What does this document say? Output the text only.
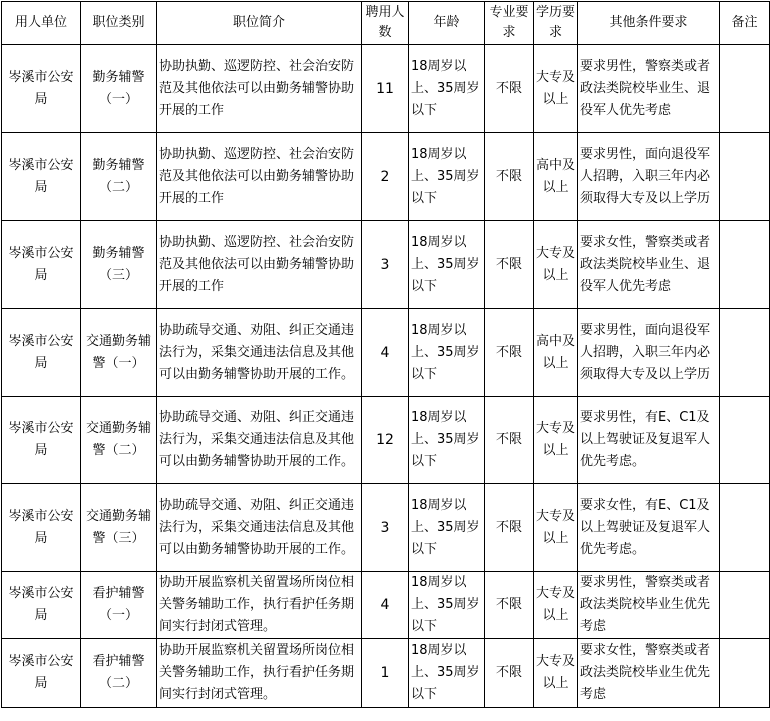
用人单位	职位类别	职位简介	聘用人数	年龄	专业要求	学历要求	其他条件要求	备注
岑溪市公安局	勤务辅警（一）	协助执勤、巡逻防控、社会治安防范及其他依法可以由勤务辅警协助开展的工作	11	18周岁以上、35周岁以下	不限	大专及以上	要求男性，警察类或者政法类院校毕业生、退役军人优先考虑	
岑溪市公安局	勤务辅警（二）	协助执勤、巡逻防控、社会治安防范及其他依法可以由勤务辅警协助开展的工作	2	18周岁以上、35周岁以下	不限	高中及以上	要求男性，面向退役军人招聘，入职三年内必须取得大专及以上学历	
岑溪市公安局	勤务辅警（三）	协助执勤、巡逻防控、社会治安防范及其他依法可以由勤务辅警协助开展的工作	3	18周岁以上、35周岁以下	不限	大专及以上	要求女性，警察类或者政法类院校毕业生、退役军人优先考虑	
岑溪市公安局	交通勤务辅警（一）	协助疏导交通、劝阻、纠正交通违法行为，采集交通违法信息及其他可以由勤务辅警协助开展的工作。	4	18周岁以上、35周岁以下	不限	高中及以上	要求男性，面向退役军人招聘，入职三年内必须取得大专及以上学历	
岑溪市公安局	交通勤务辅警（二）	协助疏导交通、劝阻、纠正交通违法行为，采集交通违法信息及其他可以由勤务辅警协助开展的工作。	12	18周岁以上、35周岁以下	不限	大专及以上	要求男性，有E、C1及以上驾驶证及复退军人优先考虑。	
岑溪市公安局	交通勤务辅警（三）	协助疏导交通、劝阻、纠正交通违法行为，采集交通违法信息及其他可以由勤务辅警协助开展的工作。	3	18周岁以上、35周岁以下	不限	大专及以上	要求女性，有E、C1及以上驾驶证及复退军人优先考虑。	
岑溪市公安局	看护辅警（一）	协助开展监察机关留置场所岗位相关警务辅助工作，执行看护任务期间实行封闭式管理。	4	18周岁以上、35周岁以下	不限	大专及以上	要求男性，警察类或者政法类院校毕业生优先考虑	
岑溪市公安局	看护辅警（二）	协助开展监察机关留置场所岗位相关警务辅助工作，执行看护任务期间实行封闭式管理。	1	18周岁以上、35周岁以下	不限	大专及以上	要求女性，警察类或者政法类院校毕业生优先考虑	
